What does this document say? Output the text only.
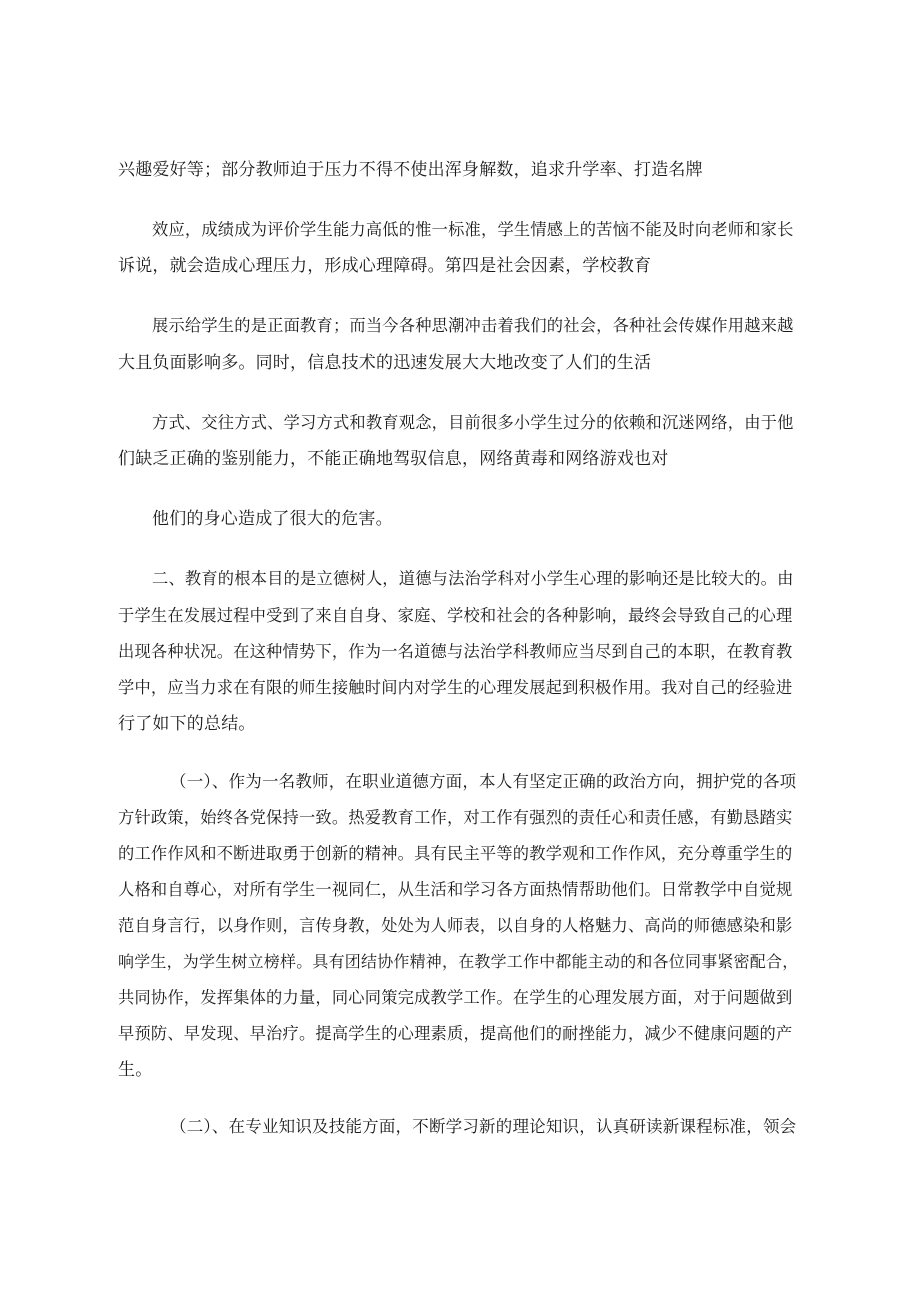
兴趣爱好等；部分教师迫于压力不得不使出浑身解数，追求升学率、打造名牌
效应，成绩成为评价学生能力高低的惟一标准，学生情感上的苦恼不能及时向老师和家长
诉说，就会造成心理压力，形成心理障碍。第四是社会因素，学校教育
展示给学生的是正面教育；而当今各种思潮冲击着我们的社会，各种社会传媒作用越来越
大且负面影响多。同时，信息技术的迅速发展大大地改变了人们的生活
方式、交往方式、学习方式和教育观念，目前很多小学生过分的依赖和沉迷网络，由于他
们缺乏正确的鉴别能力，不能正确地驾驭信息，网络黄毒和网络游戏也对
他们的身心造成了很大的危害。
二、教育的根本目的是立德树人，道德与法治学科对小学生心理的影响还是比较大的。由
于学生在发展过程中受到了来自自身、家庭、学校和社会的各种影响，最终会导致自己的心理
出现各种状况。在这种情势下，作为一名道德与法治学科教师应当尽到自己的本职，在教育教
学中，应当力求在有限的师生接触时间内对学生的心理发展起到积极作用。我对自己的经验进
行了如下的总结。
（一）、作为一名教师，在职业道德方面，本人有坚定正确的政治方向，拥护党的各项
方针政策，始终各党保持一致。热爱教育工作，对工作有强烈的责任心和责任感，有勤恳踏实
的工作作风和不断进取勇于创新的精神。具有民主平等的教学观和工作作风，充分尊重学生的
人格和自尊心，对所有学生一视同仁，从生活和学习各方面热情帮助他们。日常教学中自觉规
范自身言行，以身作则，言传身教，处处为人师表，以自身的人格魅力、高尚的师德感染和影
响学生，为学生树立榜样。具有团结协作精神，在教学工作中都能主动的和各位同事紧密配合，
共同协作，发挥集体的力量，同心同策完成教学工作。在学生的心理发展方面，对于问题做到
早预防、早发现、早治疗。提高学生的心理素质，提高他们的耐挫能力，减少不健康问题的产
生。
（二）、在专业知识及技能方面，不断学习新的理论知识，认真研读新课程标准，领会
